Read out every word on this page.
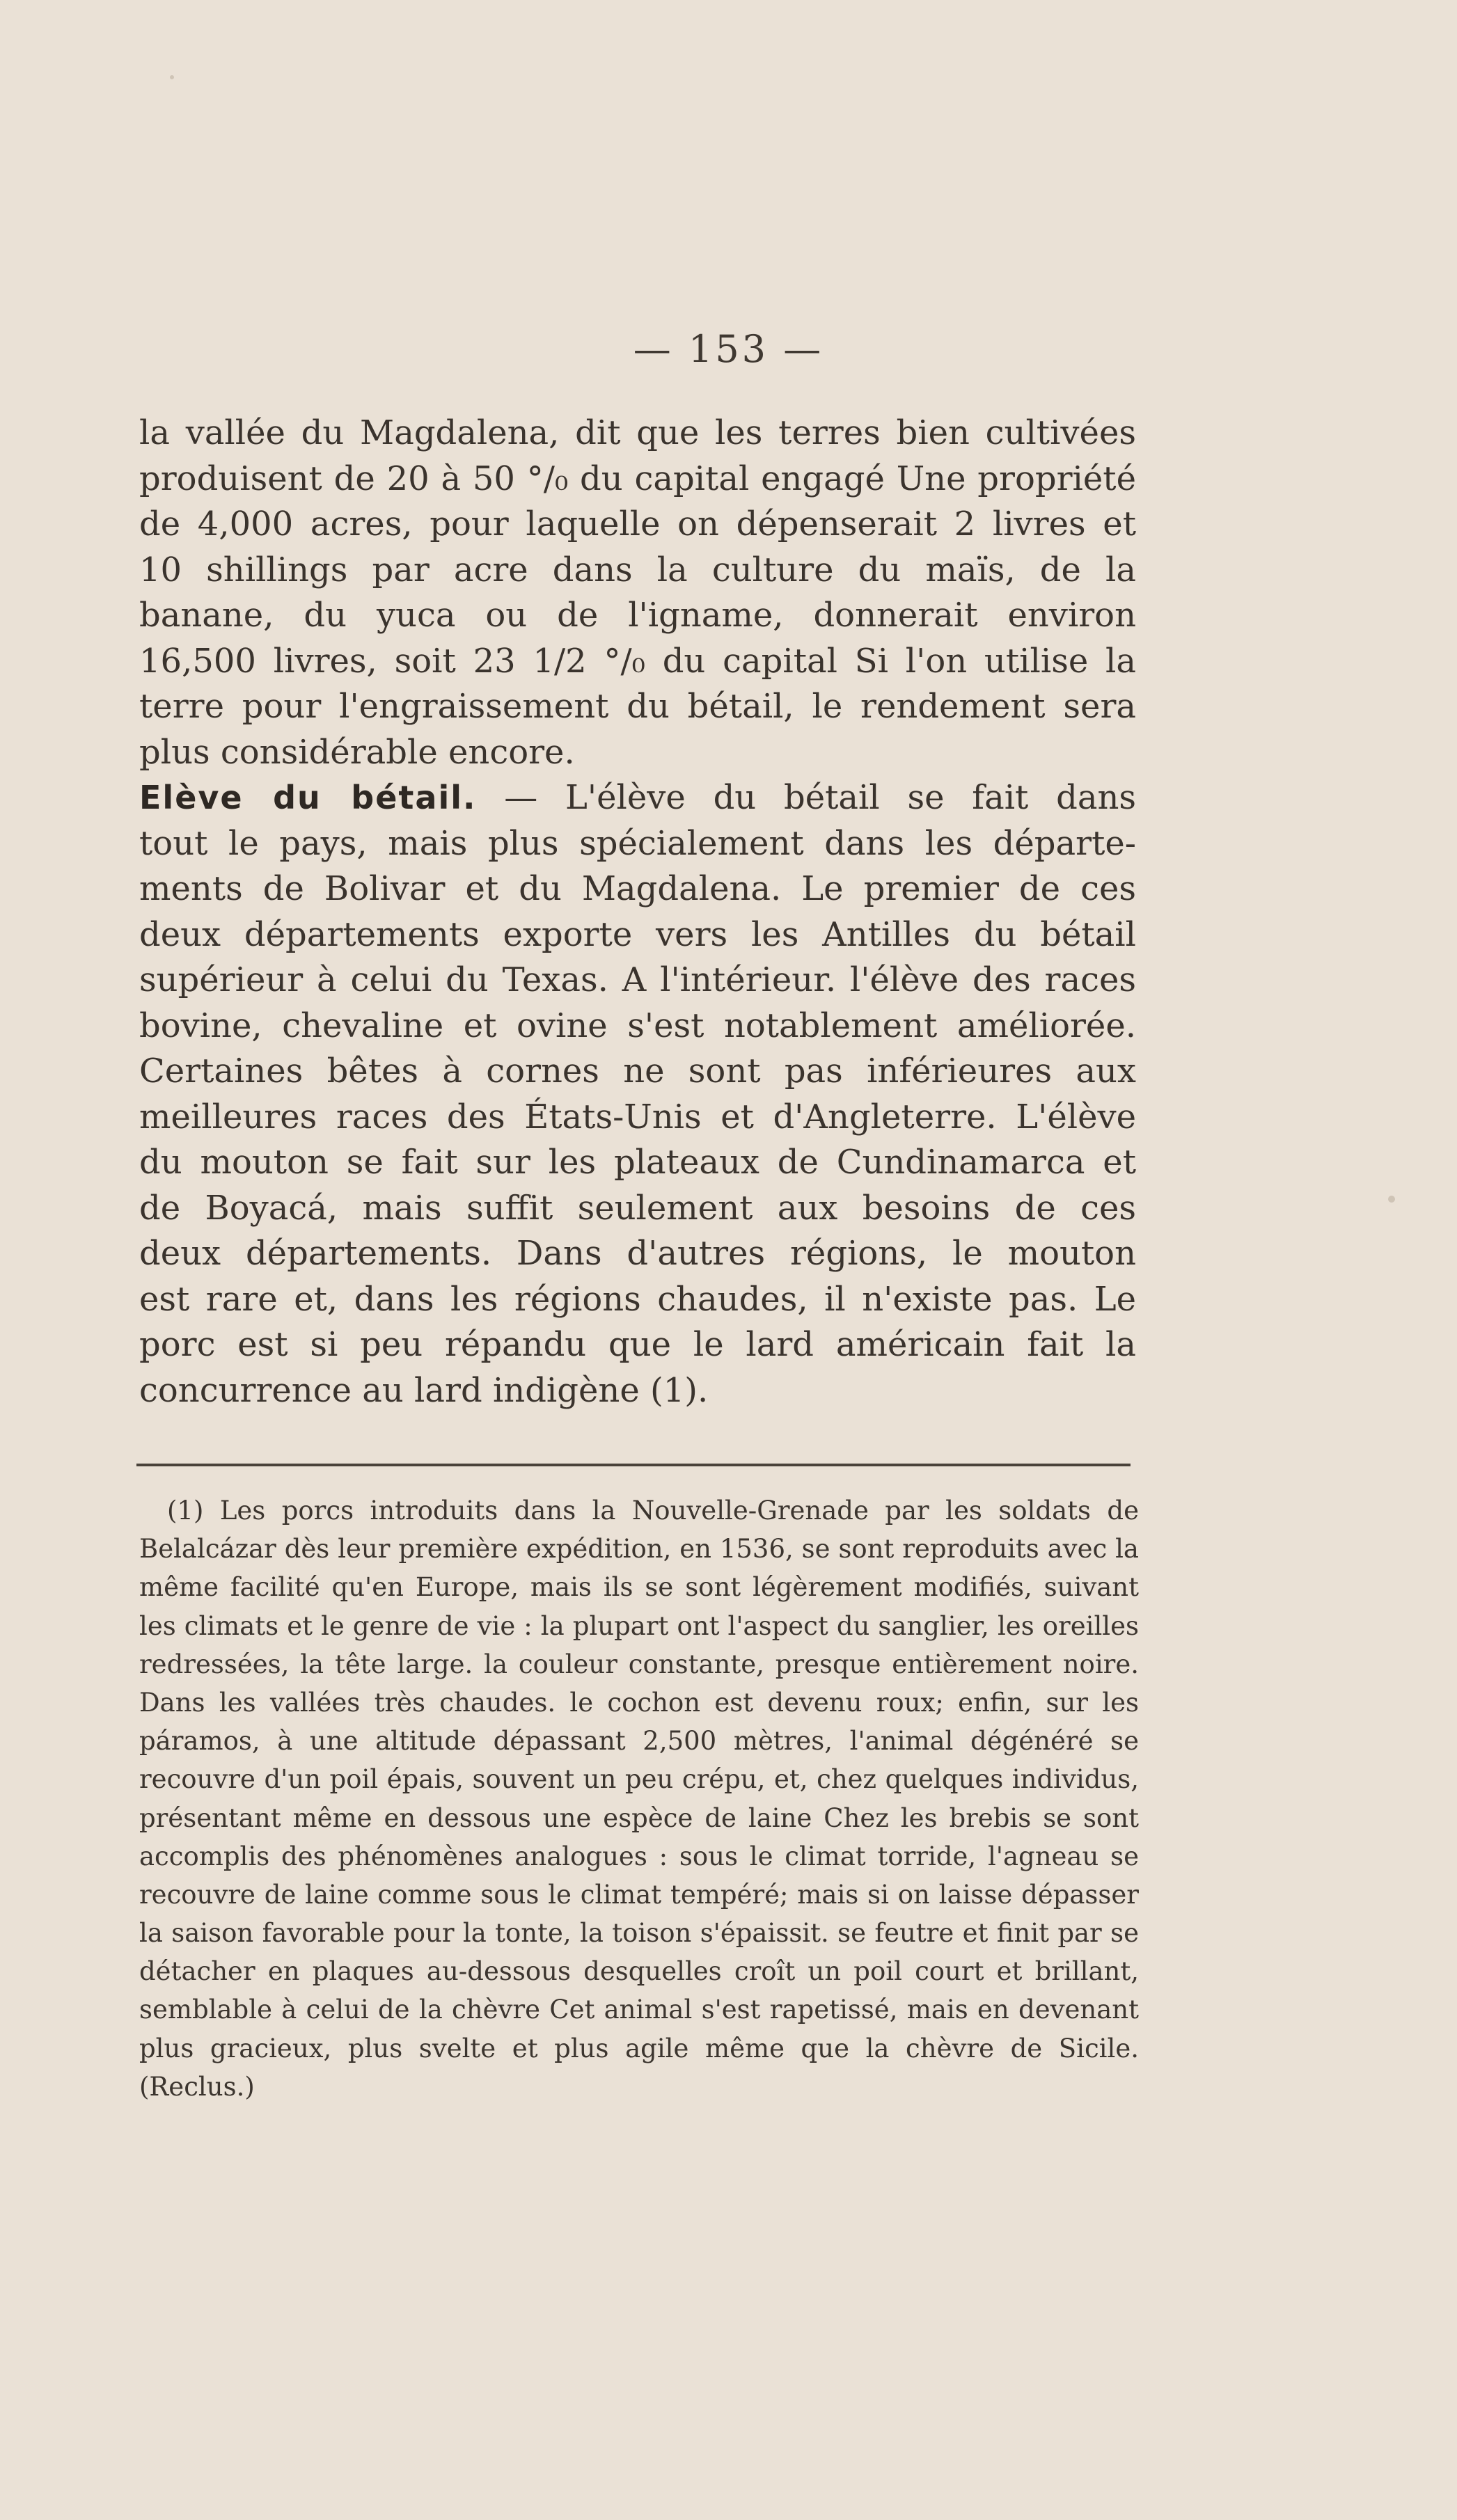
— 153 —
la vallée du Magdalena, dit que les terres bien cultivées
produisent de 20 à 50 °/₀ du capital engagé Une propriété
de 4,000 acres, pour laquelle on dépenserait 2 livres et
10 shillings par acre dans la culture du maïs, de la
banane, du yuca ou de l'igname, donnerait environ
16,500 livres, soit 23 1/2 °/₀ du capital Si l'on utilise la
terre pour l'engraissement du bétail, le rendement sera
plus considérable encore.
Elève du bétail. — L'élève du bétail se fait dans
tout le pays, mais plus spécialement dans les départe-
ments de Bolivar et du Magdalena. Le premier de ces
deux départements exporte vers les Antilles du bétail
supérieur à celui du Texas. A l'intérieur. l'élève des races
bovine, chevaline et ovine s'est notablement améliorée.
Certaines bêtes à cornes ne sont pas inférieures aux
meilleures races des États-Unis et d'Angleterre. L'élève
du mouton se fait sur les plateaux de Cundinamarca et
de Boyacá, mais suffit seulement aux besoins de ces
deux départements. Dans d'autres régions, le mouton
est rare et, dans les régions chaudes, il n'existe pas. Le
porc est si peu répandu que le lard américain fait la
concurrence au lard indigène (1).
(1) Les porcs introduits dans la Nouvelle-Grenade par les soldats de
Belalcázar dès leur première expédition, en 1536, se sont reproduits avec la
même facilité qu'en Europe, mais ils se sont légèrement modifiés, suivant
les climats et le genre de vie : la plupart ont l'aspect du sanglier, les oreilles
redressées, la tête large. la couleur constante, presque entièrement noire.
Dans les vallées très chaudes. le cochon est devenu roux; enfin, sur les
páramos, à une altitude dépassant 2,500 mètres, l'animal dégénéré se
recouvre d'un poil épais, souvent un peu crépu, et, chez quelques individus,
présentant même en dessous une espèce de laine Chez les brebis se sont
accomplis des phénomènes analogues : sous le climat torride, l'agneau se
recouvre de laine comme sous le climat tempéré; mais si on laisse dépasser
la saison favorable pour la tonte, la toison s'épaissit. se feutre et finit par se
détacher en plaques au-dessous desquelles croît un poil court et brillant,
semblable à celui de la chèvre Cet animal s'est rapetissé, mais en devenant
plus gracieux, plus svelte et plus agile même que la chèvre de Sicile.
(Reclus.)
